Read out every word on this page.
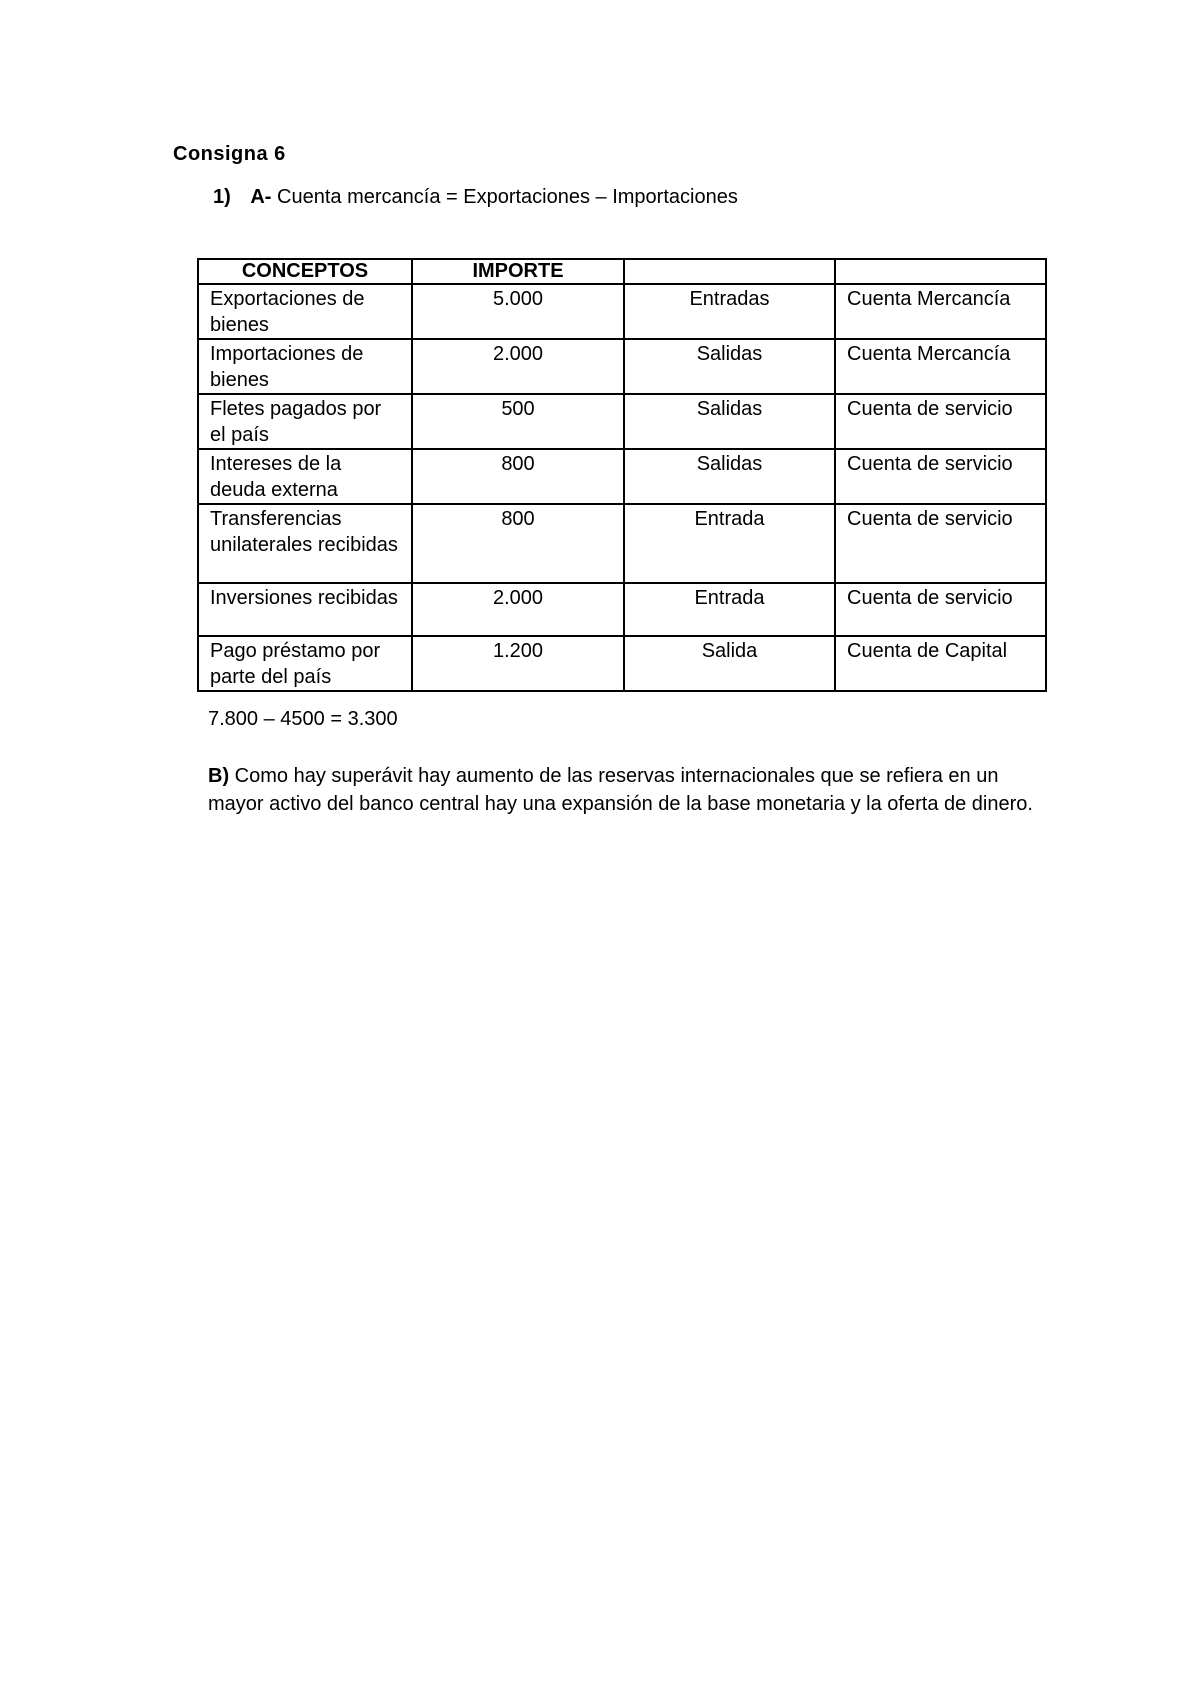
Consigna 6
1) A- Cuenta mercancía = Exportaciones – Importaciones
CONCEPTOS	IMPORTE		
Exportaciones de bienes	5.000	Entradas	Cuenta Mercancía
Importaciones de bienes	2.000	Salidas	Cuenta Mercancía
Fletes pagados por el país	500	Salidas	Cuenta de servicio
Intereses de la deuda externa	800	Salidas	Cuenta de servicio
Transferencias unilaterales recibidas	800	Entrada	Cuenta de servicio
Inversiones recibidas	2.000	Entrada	Cuenta de servicio
Pago préstamo por parte del país	1.200	Salida	Cuenta de Capital
7.800 – 4500 = 3.300
B) Como hay superávit hay aumento de las reservas internacionales que se refiera en un mayor activo del banco central hay una expansión de la base monetaria y la oferta de dinero.
